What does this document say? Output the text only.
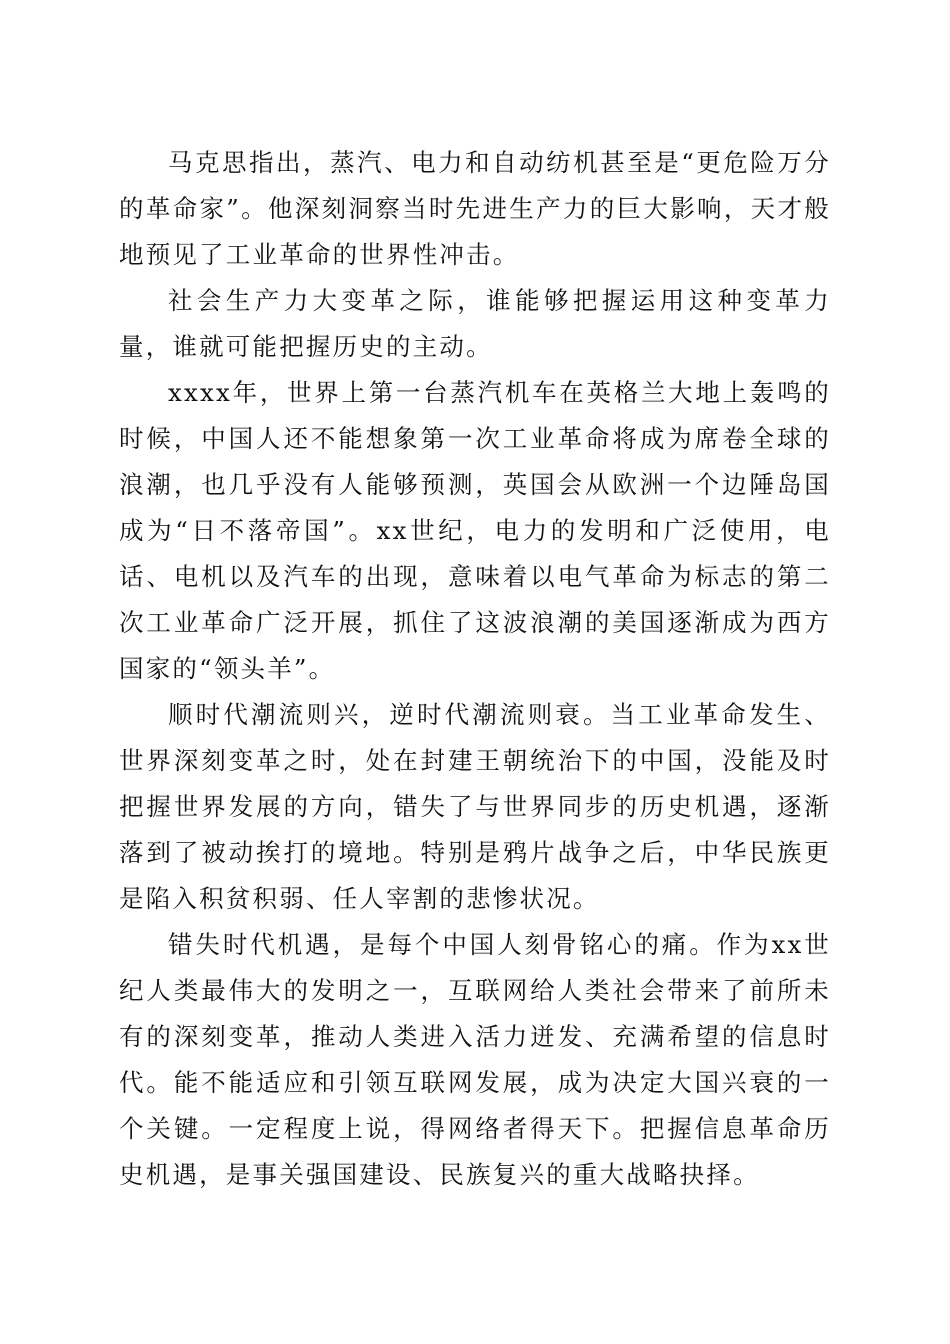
马克思指出，蒸汽、电力和自动纺机甚至是“更危险万分的革命家”。他深刻洞察当时先进生产力的巨大影响，天才般地预见了工业革命的世界性冲击。

社会生产力大变革之际，谁能够把握运用这种变革力量，谁就可能把握历史的主动。

xxxx年，世界上第一台蒸汽机车在英格兰大地上轰鸣的时候，中国人还不能想象第一次工业革命将成为席卷全球的浪潮，也几乎没有人能够预测，英国会从欧洲一个边陲岛国成为“日不落帝国”。xx世纪，电力的发明和广泛使用，电话、电机以及汽车的出现，意味着以电气革命为标志的第二次工业革命广泛开展，抓住了这波浪潮的美国逐渐成为西方国家的“领头羊”。

顺时代潮流则兴，逆时代潮流则衰。当工业革命发生、世界深刻变革之时，处在封建王朝统治下的中国，没能及时把握世界发展的方向，错失了与世界同步的历史机遇，逐渐落到了被动挨打的境地。特别是鸦片战争之后，中华民族更是陷入积贫积弱、任人宰割的悲惨状况。

错失时代机遇，是每个中国人刻骨铭心的痛。作为xx世纪人类最伟大的发明之一，互联网给人类社会带来了前所未有的深刻变革，推动人类进入活力迸发、充满希望的信息时代。能不能适应和引领互联网发展，成为决定大国兴衰的一个关键。一定程度上说，得网络者得天下。把握信息革命历史机遇，是事关强国建设、民族复兴的重大战略抉择。
